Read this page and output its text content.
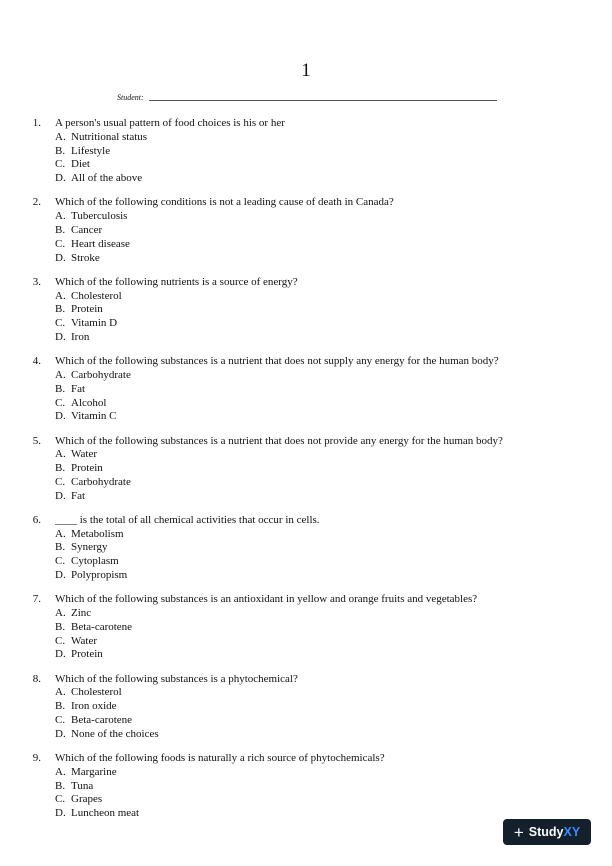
1
Student:
1.	A person's usual pattern of food choices is his or her
A. Nutritional status
B. Lifestyle
C. Diet
D. All of the above
2.	Which of the following conditions is not a leading cause of death in Canada?
A. Tuberculosis
B. Cancer
C. Heart disease
D. Stroke
3.	Which of the following nutrients is a source of energy?
A. Cholesterol
B. Protein
C. Vitamin D
D. Iron
4.	Which of the following substances is a nutrient that does not supply any energy for the human body?
A. Carbohydrate
B. Fat
C. Alcohol
D. Vitamin C
5.	Which of the following substances is a nutrient that does not provide any energy for the human body?
A. Water
B. Protein
C. Carbohydrate
D. Fat
6.	____ is the total of all chemical activities that occur in cells.
A. Metabolism
B. Synergy
C. Cytoplasm
D. Polypropism
7.	Which of the following substances is an antioxidant in yellow and orange fruits and vegetables?
A. Zinc
B. Beta-carotene
C. Water
D. Protein
8.	Which of the following substances is a phytochemical?
A. Cholesterol
B. Iron oxide
C. Beta-carotene
D. None of the choices
9.	Which of the following foods is naturally a rich source of phytochemicals?
A. Margarine
B. Tuna
C. Grapes
D. Luncheon meat
+ Study XY
